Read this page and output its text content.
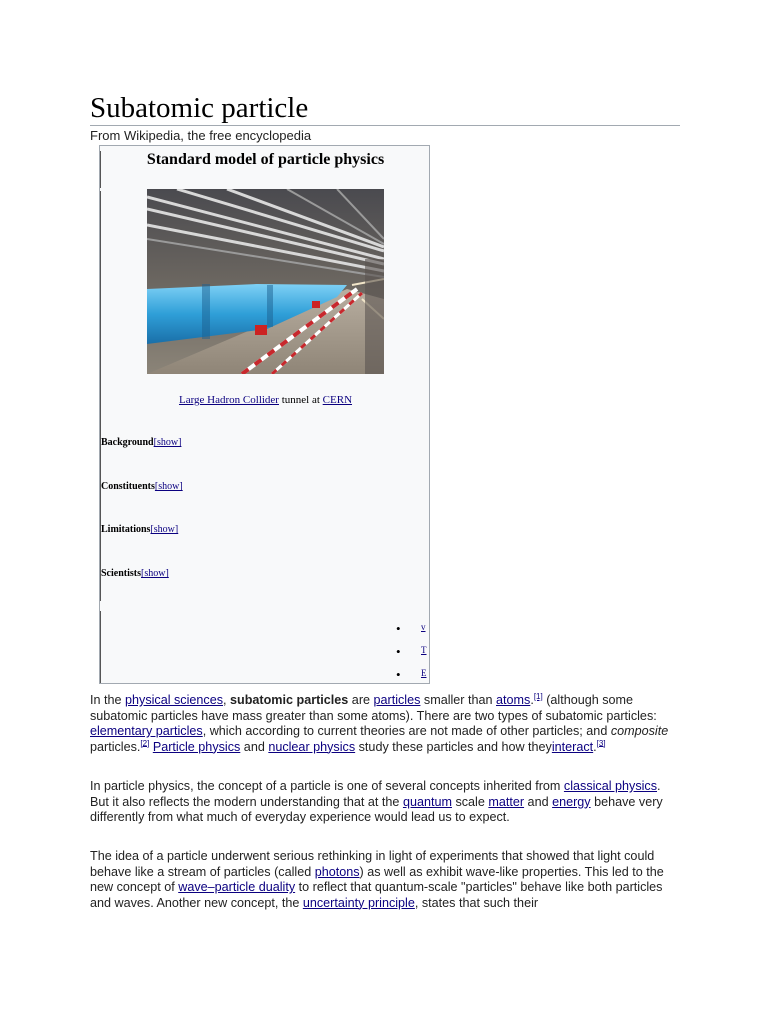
Subatomic particle
From Wikipedia, the free encyclopedia
Standard model of particle physics
Large Hadron Collider tunnel at CERN
Background[show]
Constituents[show]
Limitations[show]
Scientists[show]
• v
• T
• E

In the physical sciences, subatomic particles are particles smaller than atoms.[1] (although some subatomic particles have mass greater than some atoms). There are two types of subatomic particles: elementary particles, which according to current theories are not made of other particles; and composite particles.[2] Particle physics and nuclear physics study these particles and how theyinteract.[3]

In particle physics, the concept of a particle is one of several concepts inherited from classical physics. But it also reflects the modern understanding that at the quantum scale matter and energy behave very differently from what much of everyday experience would lead us to expect.

The idea of a particle underwent serious rethinking in light of experiments that showed that light could behave like a stream of particles (called photons) as well as exhibit wave-like properties. This led to the new concept of wave–particle duality to reflect that quantum-scale "particles" behave like both particles and waves. Another new concept, the uncertainty principle, states that such their
